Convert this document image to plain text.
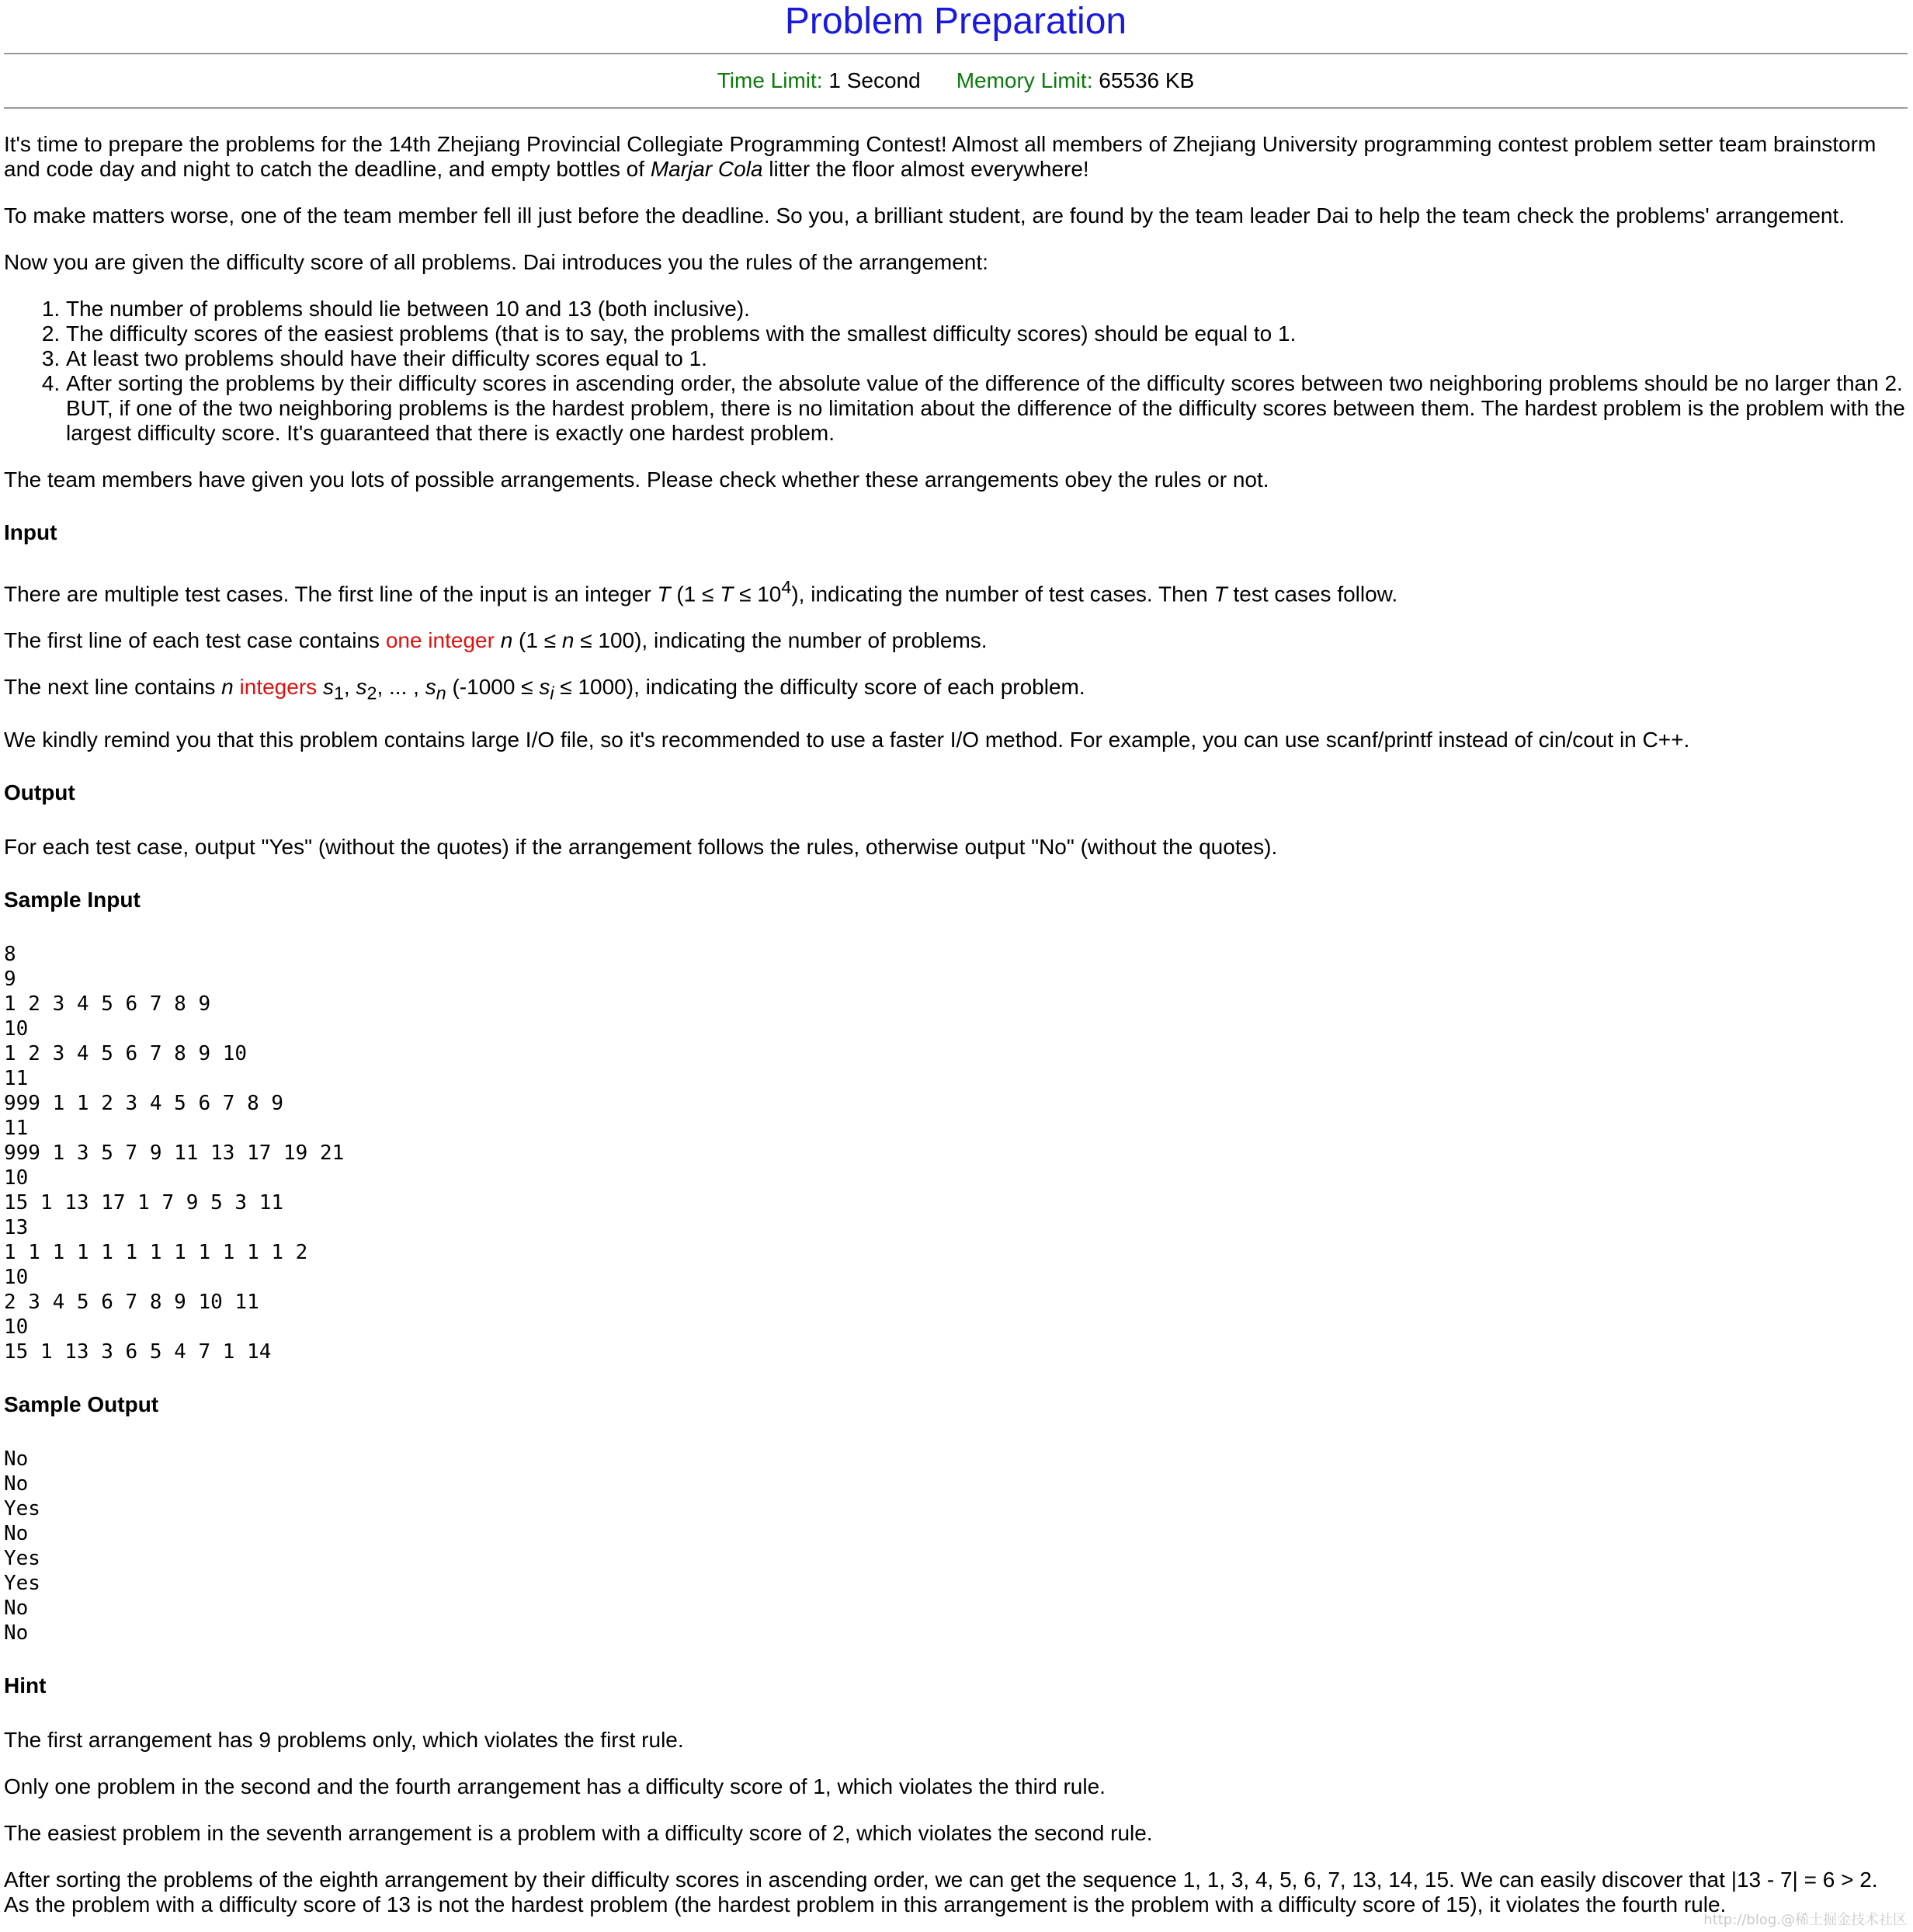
Problem Preparation
Time Limit: 1 Second Memory Limit: 65536 KB

It's time to prepare the problems for the 14th Zhejiang Provincial Collegiate Programming Contest! Almost all members of Zhejiang University programming contest problem setter team brainstorm and code day and night to catch the deadline, and empty bottles of Marjar Cola litter the floor almost everywhere!

To make matters worse, one of the team member fell ill just before the deadline. So you, a brilliant student, are found by the team leader Dai to help the team check the problems' arrangement.

Now you are given the difficulty score of all problems. Dai introduces you the rules of the arrangement:

1. The number of problems should lie between 10 and 13 (both inclusive).
2. The difficulty scores of the easiest problems (that is to say, the problems with the smallest difficulty scores) should be equal to 1.
3. At least two problems should have their difficulty scores equal to 1.
4. After sorting the problems by their difficulty scores in ascending order, the absolute value of the difference of the difficulty scores between two neighboring problems should be no larger than 2. BUT, if one of the two neighboring problems is the hardest problem, there is no limitation about the difference of the difficulty scores between them. The hardest problem is the problem with the largest difficulty score. It's guaranteed that there is exactly one hardest problem.

The team members have given you lots of possible arrangements. Please check whether these arrangements obey the rules or not.

Input

There are multiple test cases. The first line of the input is an integer T $(1 \le T \le 10^4)$, indicating the number of test cases. Then T test cases follow.

The first line of each test case contains one integer n (1 ≤ n ≤ 100), indicating the number of problems.

The next line contains n integers $s_1$, $s_2$, ... , $s_n$ $(-1000 \le s_i \le 1000)$, indicating the difficulty score of each problem.

We kindly remind you that this problem contains large I/O file, so it's recommended to use a faster I/O method. For example, you can use scanf/printf instead of cin/cout in C++.

Output

For each test case, output "Yes" (without the quotes) if the arrangement follows the rules, otherwise output "No" (without the quotes).

Sample Input
8
9
1 2 3 4 5 6 7 8 9
10
1 2 3 4 5 6 7 8 9 10
11
999 1 1 2 3 4 5 6 7 8 9
11
999 1 3 5 7 9 11 13 17 19 21
10
15 1 13 17 1 7 9 5 3 11
13
1 1 1 1 1 1 1 1 1 1 1 1 2
10
2 3 4 5 6 7 8 9 10 11
10
15 1 13 3 6 5 4 7 1 14
Sample Output
No
No
Yes
No
Yes
Yes
No
No
Hint

The first arrangement has 9 problems only, which violates the first rule.

Only one problem in the second and the fourth arrangement has a difficulty score of 1, which violates the third rule.

The easiest problem in the seventh arrangement is a problem with a difficulty score of 2, which violates the second rule.

After sorting the problems of the eighth arrangement by their difficulty scores in ascending order, we can get the sequence 1, 1, 3, 4, 5, 6, 7, 13, 14, 15. We can easily discover that |13 - 7| = 6 > 2. As the problem with a difficulty score of 13 is not the hardest problem (the hardest problem in this arrangement is the problem with a difficulty score of 15), it violates the fourth rule.

http://blog.@稀土掘金技术社区
